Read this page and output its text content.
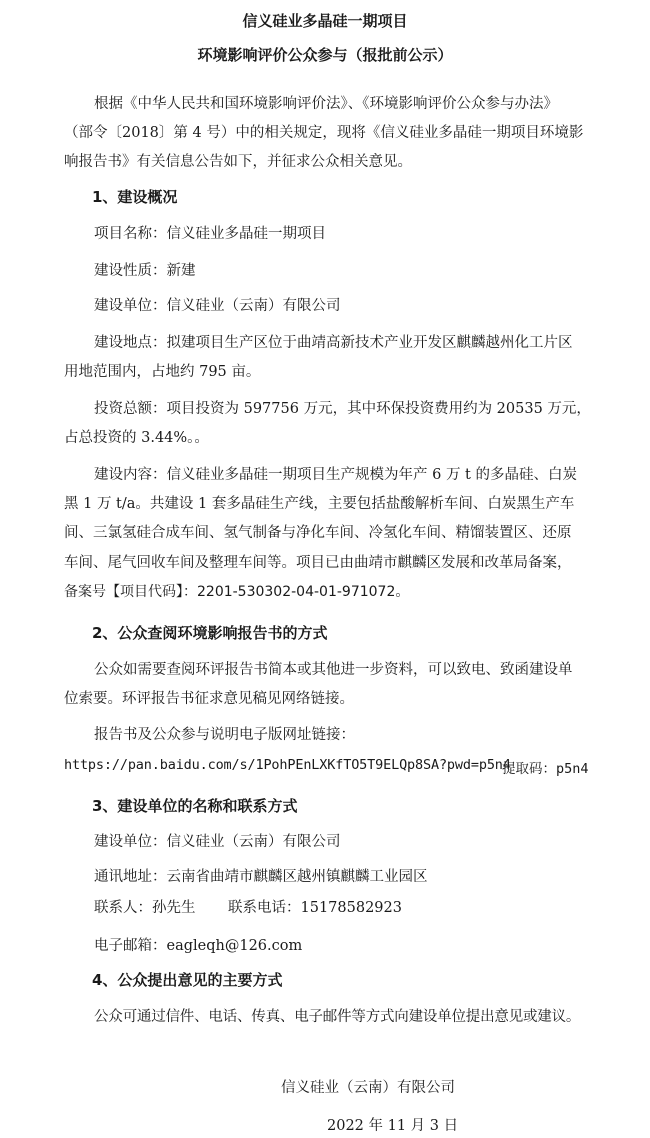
信义硅业多晶硅一期项目
环境影响评价公众参与（报批前公示）
根据《中华人民共和国环境影响评价法》、《环境影响评价公众参与办法》
（部令〔2018〕第 4 号）中的相关规定，现将《信义硅业多晶硅一期项目环境影
响报告书》有关信息公告如下，并征求公众相关意见。
1、建设概况
项目名称：信义硅业多晶硅一期项目
建设性质：新建
建设单位：信义硅业（云南）有限公司
建设地点：拟建项目生产区位于曲靖高新技术产业开发区麒麟越州化工片区
用地范围内，占地约 795 亩。
投资总额：项目投资为 597756 万元，其中环保投资费用约为 20535 万元，
占总投资的 3.44%。。
建设内容：信义硅业多晶硅一期项目生产规模为年产 6 万 t 的多晶硅、白炭
黑 1 万 t/a。共建设 1 套多晶硅生产线，主要包括盐酸解析车间、白炭黑生产车
间、三氯氢硅合成车间、氢气制备与净化车间、冷氢化车间、精馏装置区、还原
车间、尾气回收车间及整理车间等。项目已由曲靖市麒麟区发展和改革局备案，
备案号【项目代码】：2201-530302-04-01-971072。
2、公众查阅环境影响报告书的方式
公众如需要查阅环评报告书简本或其他进一步资料，可以致电、致函建设单
位索要。环评报告书征求意见稿见网络链接。
报告书及公众参与说明电子版网址链接：
https://pan.baidu.com/s/1PohPEnLXKfTO5T9ELQp8SA?pwd=p5n4
提取码：p5n4
3、建设单位的名称和联系方式
建设单位：信义硅业（云南）有限公司
通讯地址：云南省曲靖市麒麟区越州镇麒麟工业园区
联系人：孙先生 联系电话：15178582923
电子邮箱：eagleqh@126.com
4、公众提出意见的主要方式
公众可通过信件、电话、传真、电子邮件等方式向建设单位提出意见或建议。
信义硅业（云南）有限公司
2022 年 11 月 3 日
